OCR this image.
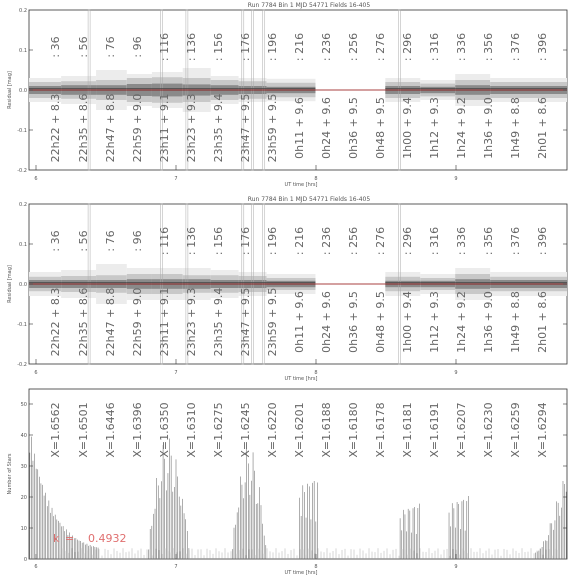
Run 7784 Bin 1 MJD 54771 Fields 16-405
Residual [mag]
0.2
0.1
0.0
-0.1
-0.2
6	7	8	9
UT time [hrs]
: 36 : 56 : 76 : 96 : 116 : 136 : 156 : 176 : 196 : 216 : 236 : 256 : 276 : 296 : 316 : 336 : 356 : 376 : 396
22h22 + 8.3 22h35 + 8.6 22h47 + 8.8 22h59 + 9.0 23h11 + 9.1 23h23 + 9.3 23h35 + 9.4 23h47 + 9.5 23h59 + 9.5 0h11 + 9.6 0h24 + 9.6 0h36 + 9.5 0h48 + 9.5 1h00 + 9.4 1h12 + 9.3 1h24 + 9.2 1h36 + 9.0 1h49 + 8.8 2h01 + 8.6
Run 7784 Bin 1 MJD 54771 Fields 16-405
Residual [mag]
0.2
0.1
0.0
-0.1
-0.2
6	7	8	9
UT time [hrs]
: 36 : 56 : 76 : 96 : 116 : 136 : 156 : 176 : 196 : 216 : 236 : 256 : 276 : 296 : 316 : 336 : 356 : 376 : 396
22h22 + 8.3 22h35 + 8.6 22h47 + 8.8 22h59 + 9.0 23h11 + 9.1 23h23 + 9.3 23h35 + 9.4 23h47 + 9.5 23h59 + 9.5 0h11 + 9.6 0h24 + 9.6 0h36 + 9.5 0h48 + 9.5 1h00 + 9.4 1h12 + 9.3 1h24 + 9.2 1h36 + 9.0 1h49 + 8.8 2h01 + 8.6
Number of Stars
50
40
30
20
10
0
6	7	8	9
UT time [hrs]
X=1.6562 X=1.6501 X=1.6446 X=1.6396 X=1.6350 X=1.6310 X=1.6275 X=1.6245 X=1.6220 X=1.6201 X=1.6188 X=1.6180 X=1.6178 X=1.6181 X=1.6191 X=1.6207 X=1.6230 X=1.6259 X=1.6294
k = 0.4932
